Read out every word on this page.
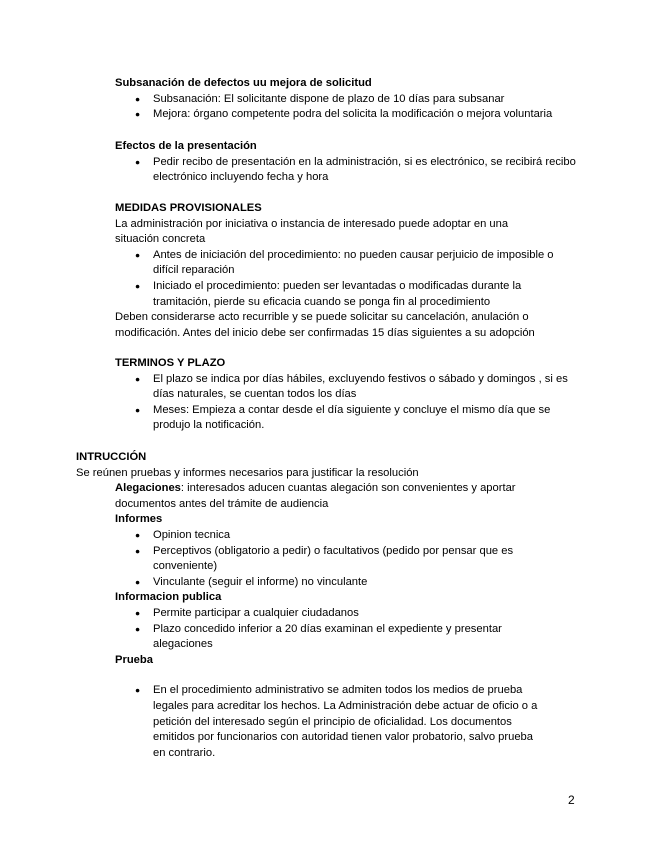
Subsanación de defectos uu mejora de solicitud
● Subsanación: El solicitante dispone de plazo de 10 días para subsanar
● Mejora: órgano competente podra del solicita la modificación o mejora voluntaria
Efectos de la presentación
● Pedir recibo de presentación en la administración, si es electrónico, se recibirá recibo electrónico incluyendo fecha y hora
MEDIDAS PROVISIONALES
La administración por iniciativa o instancia de interesado puede adoptar en una situación concreta
● Antes de iniciación del procedimiento: no pueden causar perjuicio de imposible o difícil reparación
● Iniciado el procedimiento: pueden ser levantadas o modificadas durante la tramitación, pierde su eficacia cuando se ponga fin al procedimiento
Deben considerarse acto recurrible y se puede solicitar su cancelación, anulación o modificación. Antes del inicio debe ser confirmadas 15 días siguientes a su adopción
TERMINOS Y PLAZO
● El plazo se indica por días hábiles, excluyendo festivos o sábado y domingos , si es días naturales, se cuentan todos los días
● Meses: Empieza a contar desde el día siguiente y concluye el mismo día que se produjo la notificación.
INTRUCCIÓN
Se reúnen pruebas y informes necesarios para justificar la resolución
Alegaciones: interesados aducen cuantas alegación son convenientes y aportar documentos antes del trámite de audiencia
Informes
● Opinion tecnica
● Perceptivos (obligatorio a pedir) o facultativos (pedido por pensar que es conveniente)
● Vinculante (seguir el informe) no vinculante
Informacion publica
● Permite participar a cualquier ciudadanos
● Plazo concedido inferior a 20 días examinan el expediente y presentar alegaciones
Prueba
● En el procedimiento administrativo se admiten todos los medios de prueba legales para acreditar los hechos. La Administración debe actuar de oficio o a petición del interesado según el principio de oficialidad. Los documentos emitidos por funcionarios con autoridad tienen valor probatorio, salvo prueba en contrario.
2
